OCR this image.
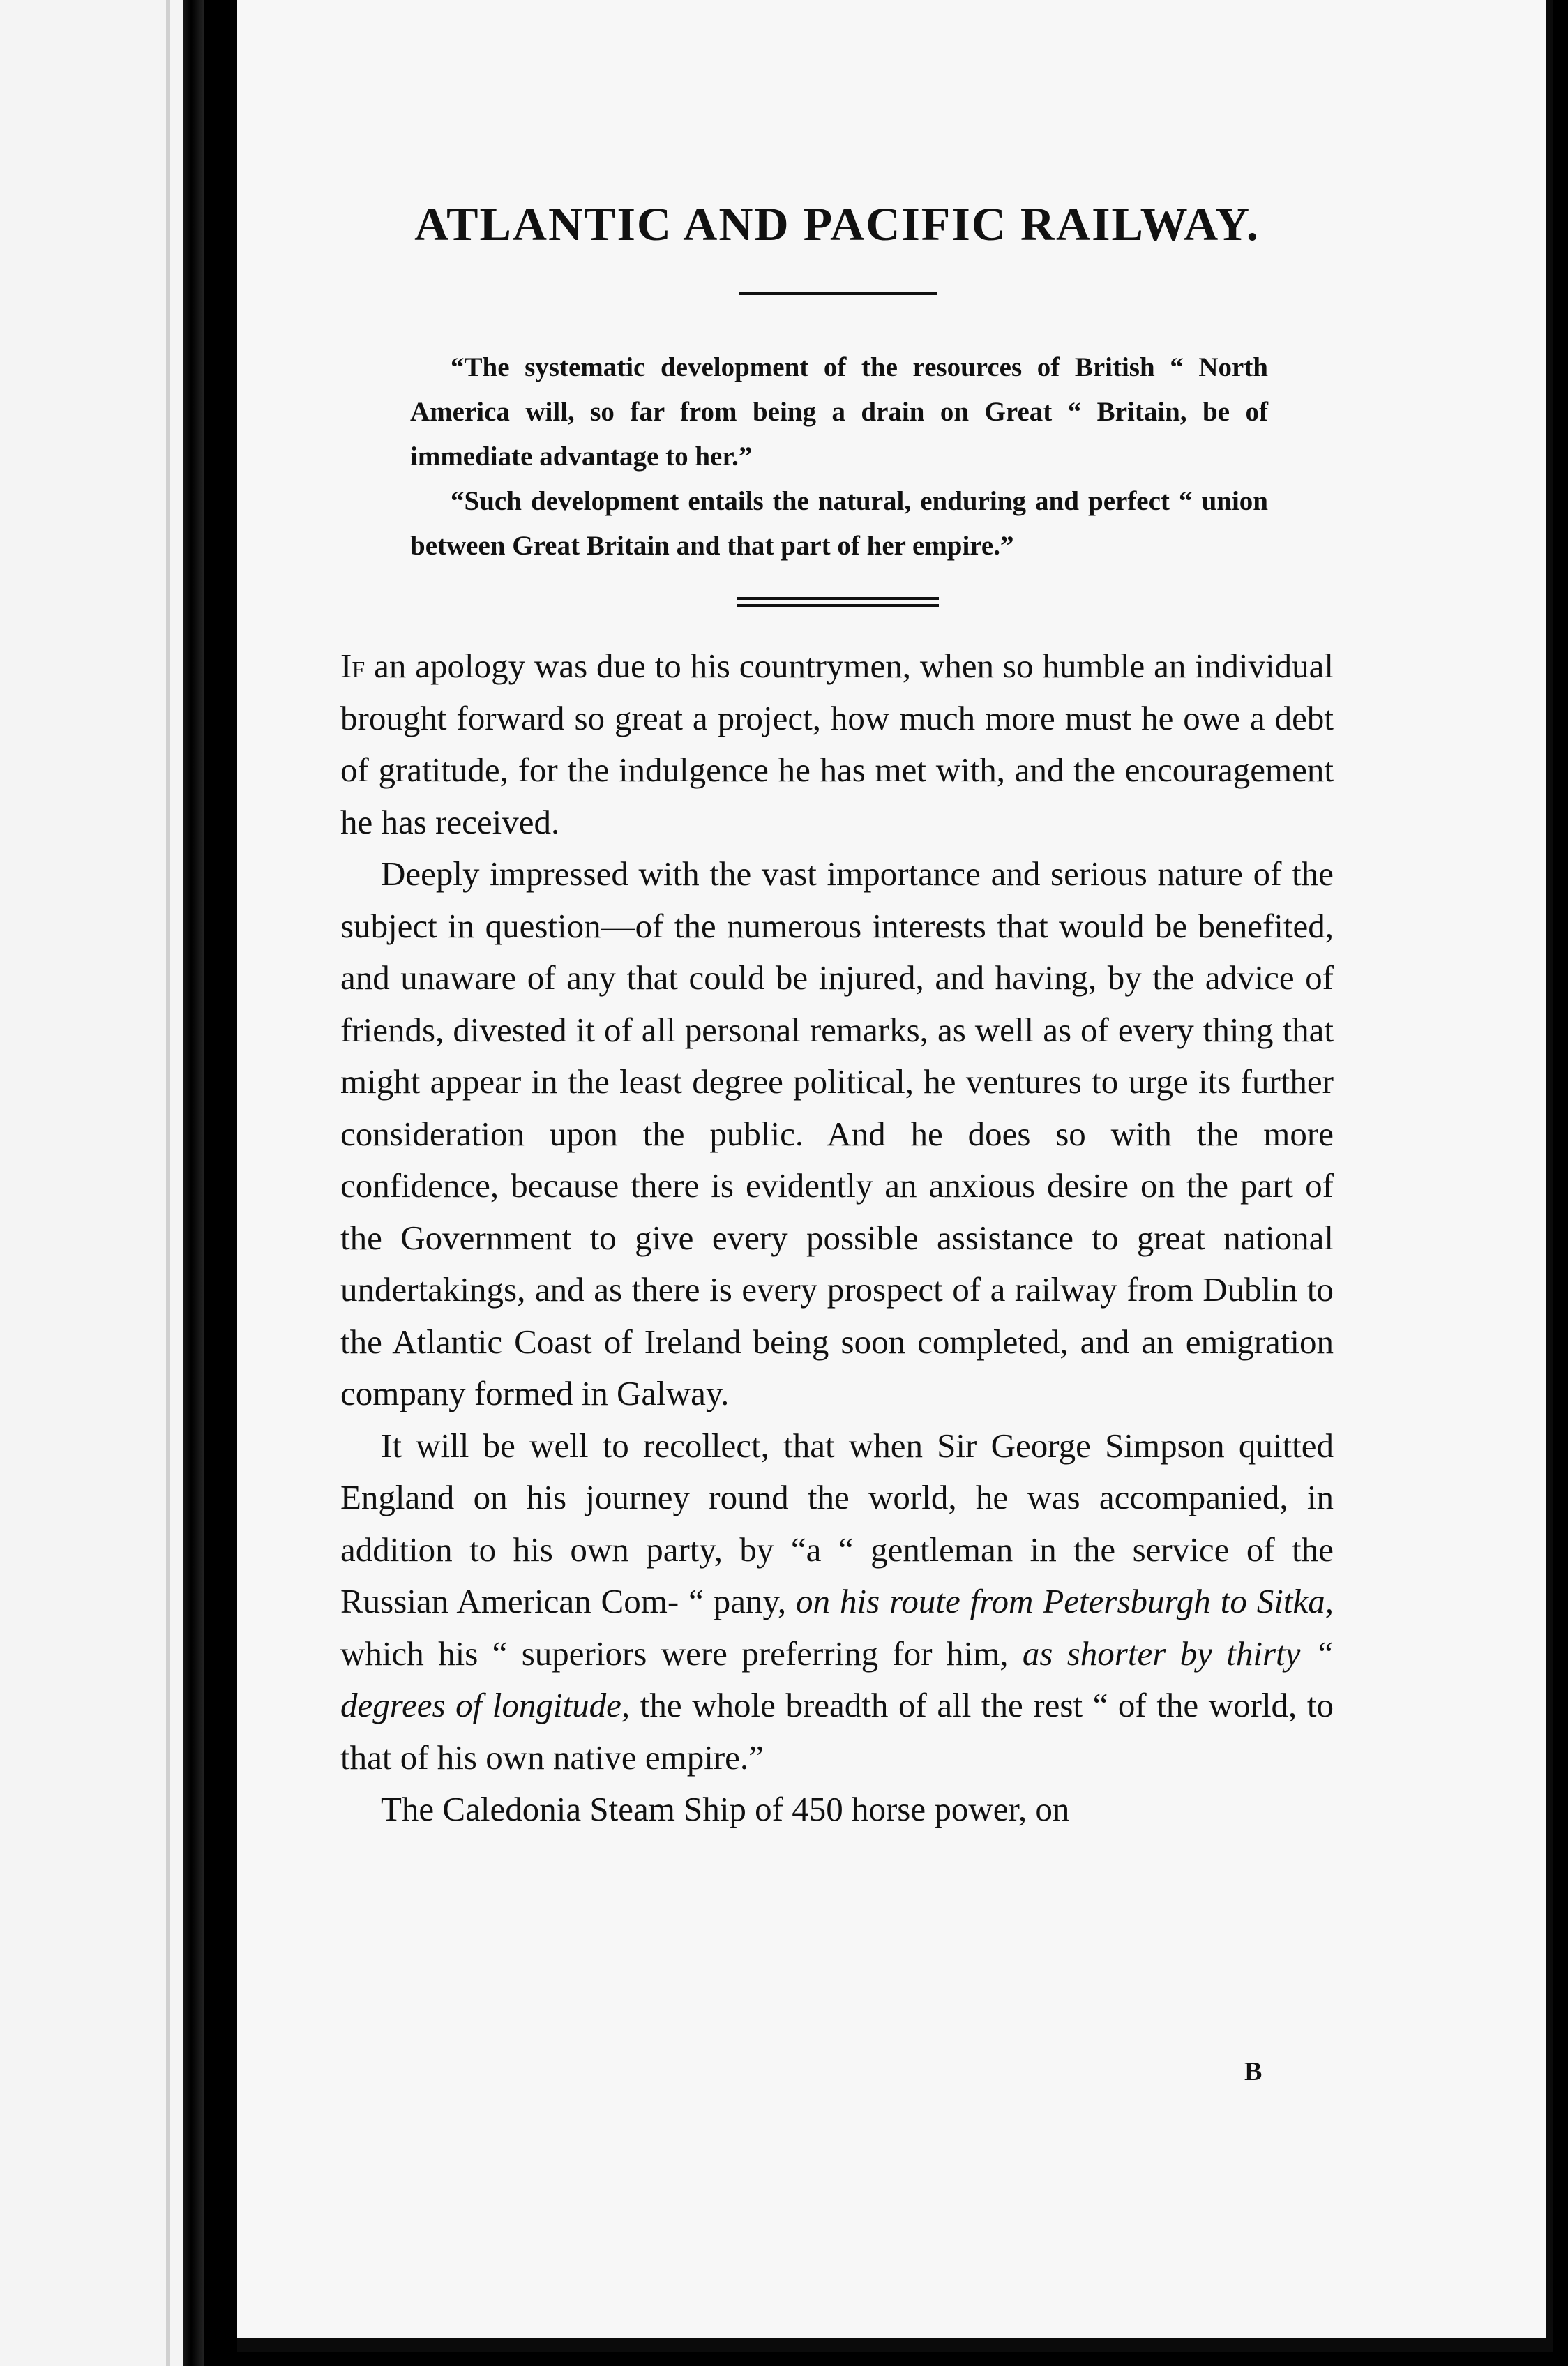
ATLANTIC AND PACIFIC RAILWAY.

“The systematic development of the resources of British “ North America will, so far from being a drain on Great “ Britain, be of immediate advantage to her.”

“Such development entails the natural, enduring and perfect “ union between Great Britain and that part of her empire.”

If an apology was due to his countrymen, when so humble an individual brought forward so great a project, how much more must he owe a debt of gratitude, for the indulgence he has met with, and the encouragement he has received.

Deeply impressed with the vast importance and serious nature of the subject in question—of the numerous interests that would be benefited, and unaware of any that could be injured, and having, by the advice of friends, divested it of all personal remarks, as well as of every thing that might appear in the least degree political, he ventures to urge its further consideration upon the public. And he does so with the more confidence, because there is evidently an anxious desire on the part of the Government to give every possible assistance to great national undertakings, and as there is every prospect of a railway from Dublin to the Atlantic Coast of Ireland being soon completed, and an emigration company formed in Galway.

It will be well to recollect, that when Sir George Simpson quitted England on his journey round the world, he was accompanied, in addition to his own party, by “a “ gentleman in the service of the Russian American Com- “ pany, on his route from Petersburgh to Sitka, which his “ superiors were preferring for him, as shorter by thirty “ degrees of longitude, the whole breadth of all the rest “ of the world, to that of his own native empire.”

The Caledonia Steam Ship of 450 horse power, on

B
